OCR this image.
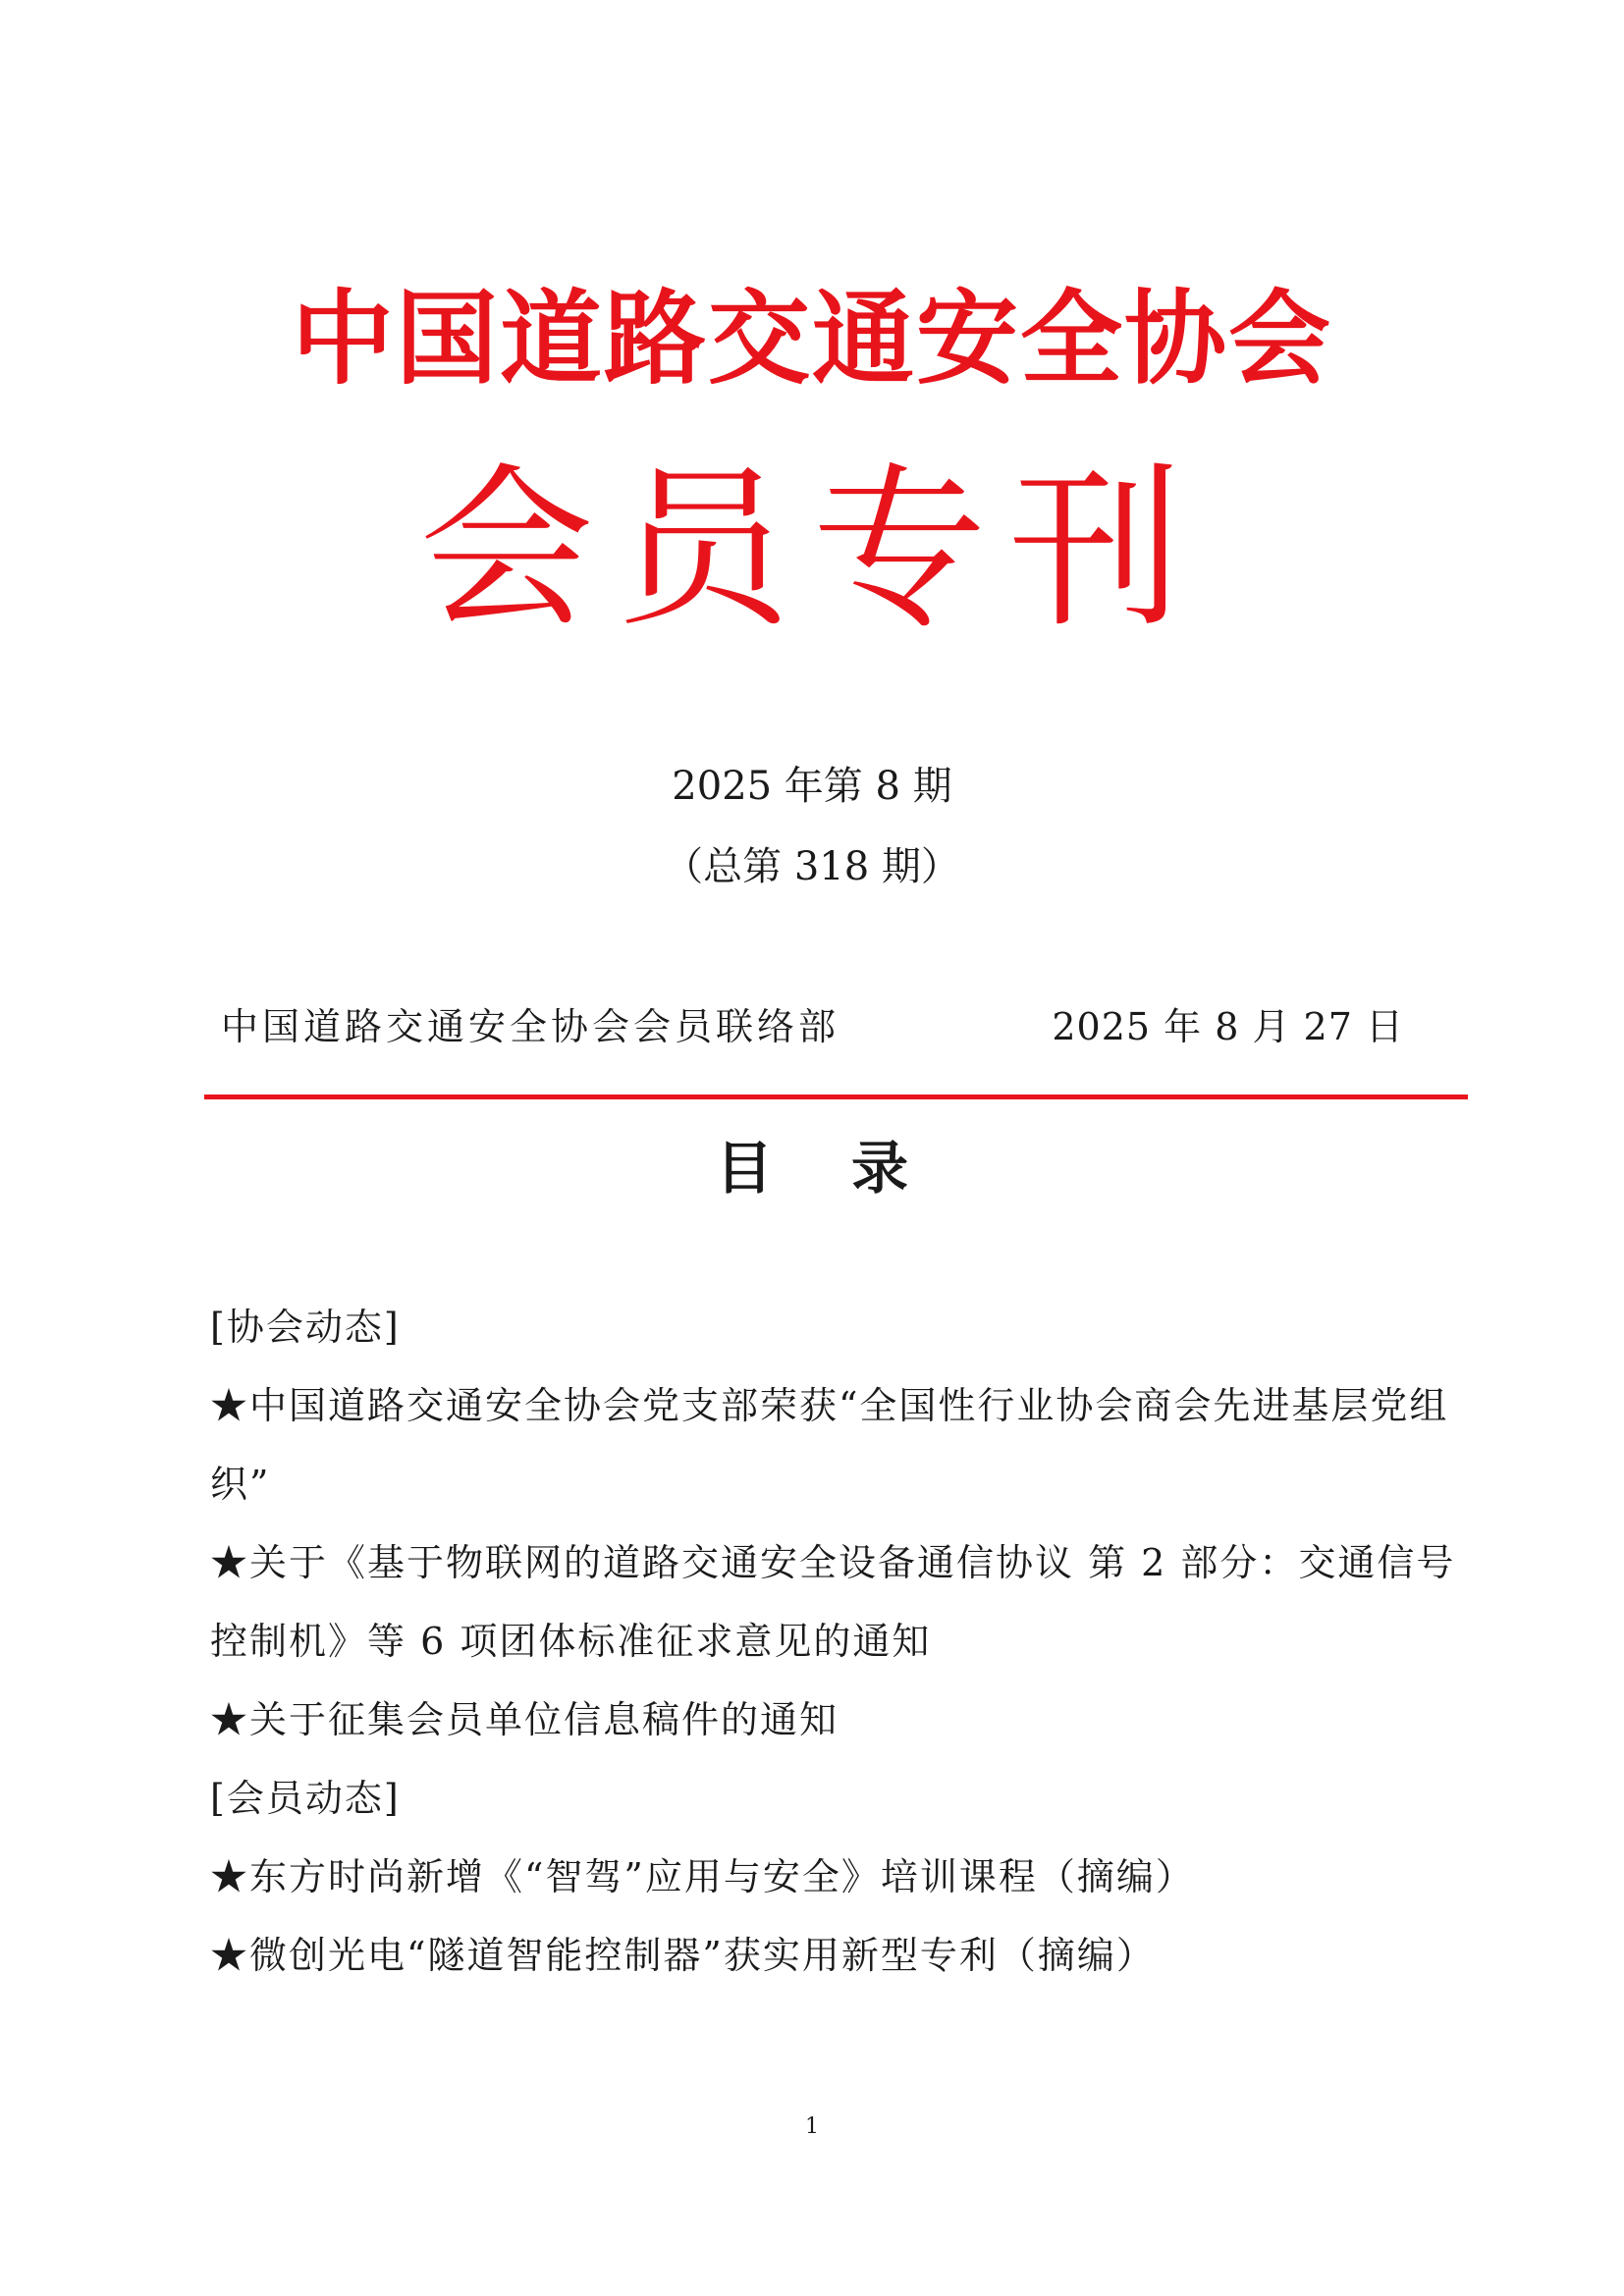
中国道路交通安全协会
会员专刊
2025 年第 8 期
（总第 318 期）
中国道路交通安全协会会员联络部	2025 年 8 月 27 日
目录
[协会动态]
★中国道路交通安全协会党支部荣获“全国性行业协会商会先进基层党组
织”
★关于《基于物联网的道路交通安全设备通信协议 第 2 部分：交通信号
控制机》等 6 项团体标准征求意见的通知
★关于征集会员单位信息稿件的通知
[会员动态]
★东方时尚新增《“智驾”应用与安全》培训课程（摘编）
★微创光电“隧道智能控制器”获实用新型专利（摘编）
1
